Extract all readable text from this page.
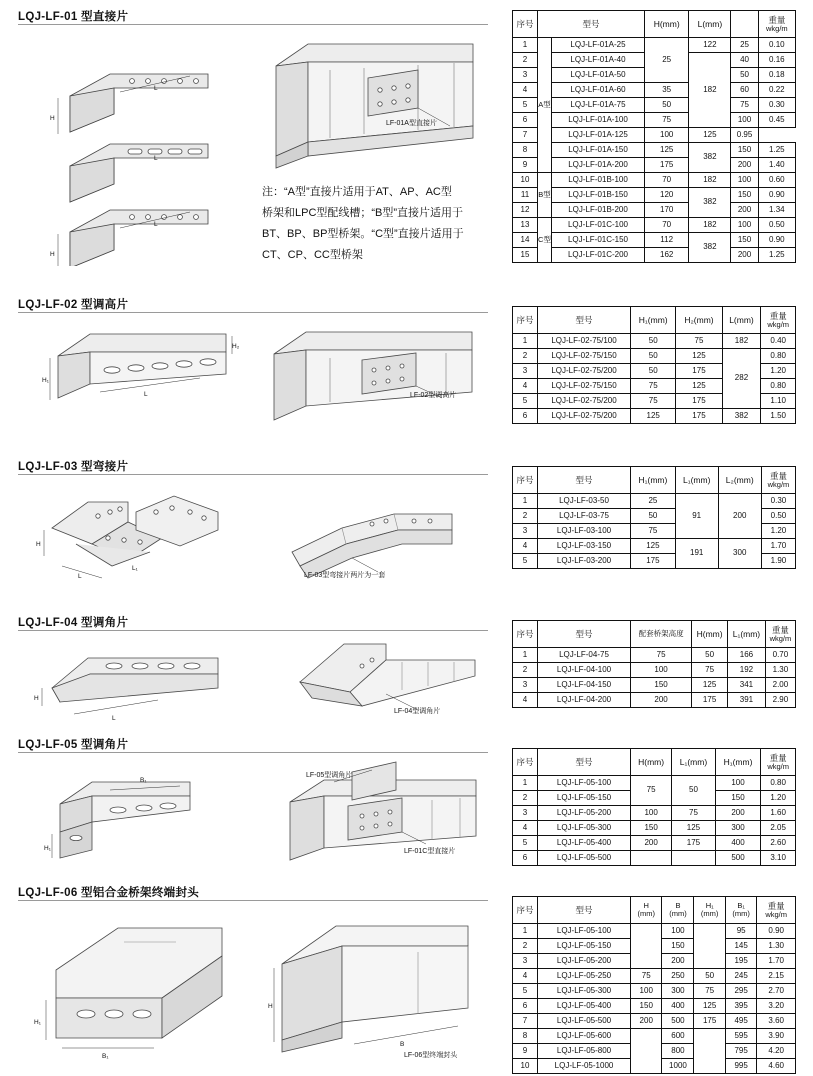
LQJ-LF-01 型直接片
H
L
H
L
L
LF-01A型直接片
注：“A型”直接片适用于AT、AP、AC型
桥架和LPC型配线槽；“B型”直接片适用于
BT、BP、BP型桥架。“C型”直接片适用于
CT、CP、CC型桥架
序号	型号		H(mm)	L(mm)		重量
wkg/m

1	A型	LQJ-LF-01A-25	25	122	25	0.10
2		LQJ-LF-01A-40		182	40	0.16
3		LQJ-LF-01A-50			50	0.18
4		LQJ-LF-01A-60	35		60	0.22
5		LQJ-LF-01A-75	50		75	0.30
6		LQJ-LF-01A-100	75		100	0.45
7		LQJ-LF-01A-125	100	125	0.95	
8		LQJ-LF-01A-150	125	382	150	1.25
9		LQJ-LF-01A-200	175		200	1.40
10	B型	LQJ-LF-01B-100	70	182	100	0.60
11		LQJ-LF-01B-150	120	382	150	0.90
12		LQJ-LF-01B-200	170		200	1.34
13	C型	LQJ-LF-01C-100	70	182	100	0.50
14		LQJ-LF-01C-150	112	382	150	0.90
15		LQJ-LF-01C-200	162		200	1.25
LQJ-LF-02 型调高片
H₁
L
H₂
LF-02型调高片
序号	型号	H₁(mm)	H₂(mm)	L(mm)	重量
wkg/m

1	LQJ-LF-02-75/100	50	75	182	0.40
2	LQJ-LF-02-75/150	50	125	282	0.80
3	LQJ-LF-02-75/200	50	175		1.20
4	LQJ-LF-02-75/150	75	125		0.80
5	LQJ-LF-02-75/200	75	175		1.10
6	LQJ-LF-02-75/200	125	175	382	1.50
LQJ-LF-03 型弯接片
H
L
L₁
LF-03型弯接片两片为一套
序号	型号	H₁(mm)	L₁(mm)	L₂(mm)	重量
wkg/m

1	LQJ-LF-03-50	25	91	200	0.30
2	LQJ-LF-03-75	50			0.50
3	LQJ-LF-03-100	75			1.20
4	LQJ-LF-03-150	125	191	300	1.70
5	LQJ-LF-03-200	175			1.90
LQJ-LF-04 型调角片
H
L
LF-04型调角片
序号	型号	配套桥架高度	H(mm)	L₁(mm)	重量
wkg/m

1	LQJ-LF-04-75	75	50	166	0.70
2	LQJ-LF-04-100	100	75	192	1.30
3	LQJ-LF-04-150	150	125	341	2.00
4	LQJ-LF-04-200	200	175	391	2.90
LQJ-LF-05 型调角片
H₁
B₁
LF-05型调角片
LF-01C型直接片
序号	型号	H(mm)	L₁(mm)	H₁(mm)	重量
wkg/m

1	LQJ-LF-05-100	75	50	100	0.80
2	LQJ-LF-05-150			150	1.20
3	LQJ-LF-05-200	100	75	200	1.60
4	LQJ-LF-05-300	150	125	300	2.05
5	LQJ-LF-05-400	200	175	400	2.60
6	LQJ-LF-05-500			500	3.10
LQJ-LF-06 型铝合金桥架终端封头
H₁
B₁
H
B
LF-06型终端封头
序号	型号	H
(mm)	B
(mm)	H₁
(mm)	B₁
(mm)	重量
wkg/m

1	LQJ-LF-05-100		100		95	0.90
2	LQJ-LF-05-150		150		145	1.30
3	LQJ-LF-05-200		200		195	1.70
4	LQJ-LF-05-250	75	250	50	245	2.15
5	LQJ-LF-05-300	100	300	75	295	2.70
6	LQJ-LF-05-400	150	400	125	395	3.20
7	LQJ-LF-05-500	200	500	175	495	3.60
8	LQJ-LF-05-600		600		595	3.90
9	LQJ-LF-05-800		800		795	4.20
10	LQJ-LF-05-1000		1000		995	4.60
